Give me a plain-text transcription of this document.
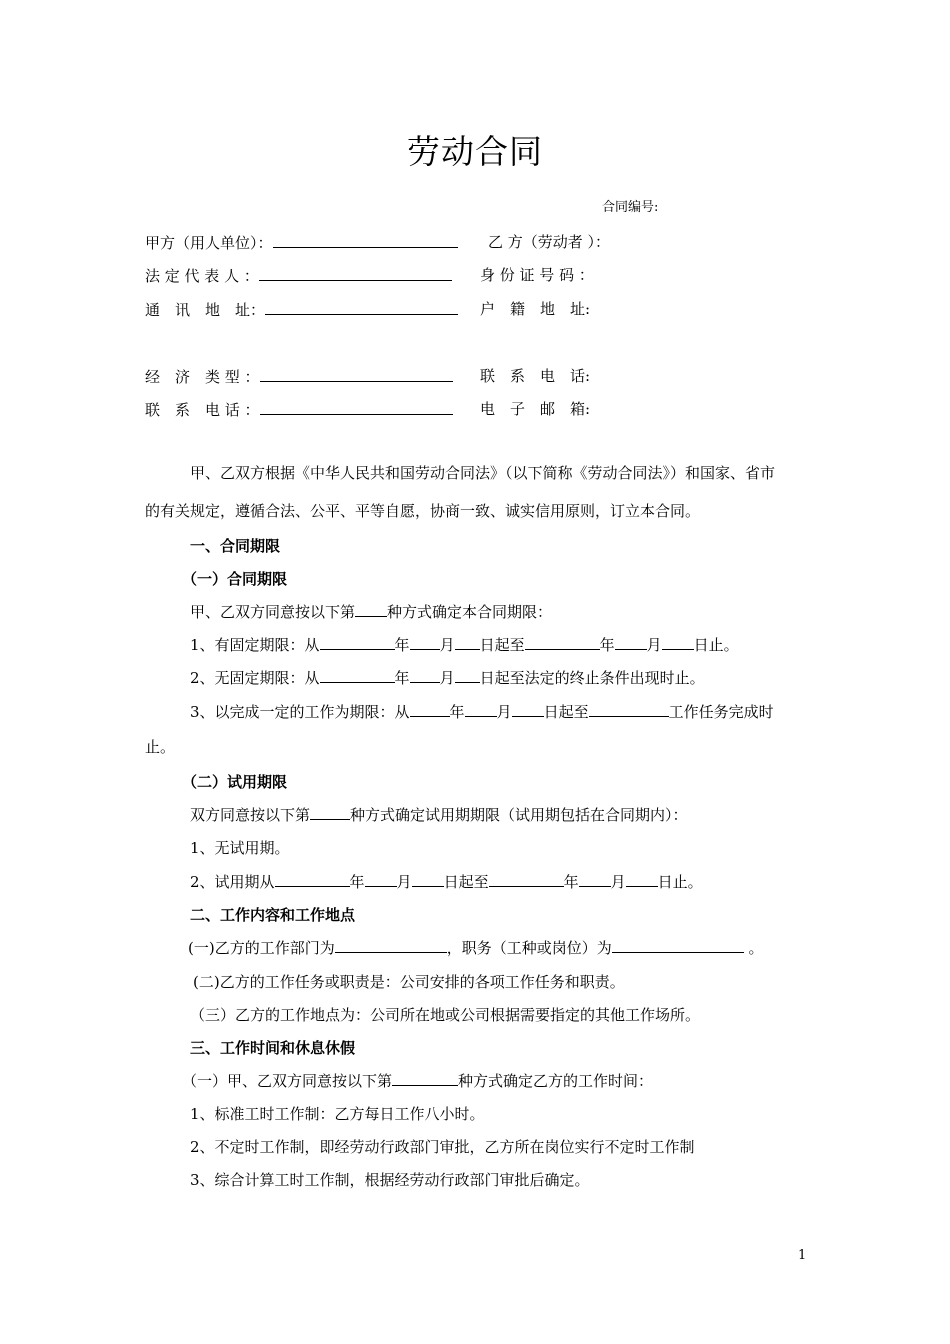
劳动合同
合同编号:
甲方（用人单位）：	乙 方（劳动者 ）：
法 定 代 表 人 ：	身 份 证 号 码 ：
通　讯　地　址：	户　籍　地　址:
经　济　类 型 ：	联　系　电　话:
联　系　电 话 ：	电　子　邮　箱:
甲、乙双方根据《中华人民共和国劳动合同法》（以下简称《劳动合同法》）和国家、省市
的有关规定，遵循合法、公平、平等自愿，协商一致、诚实信用原则，订立本合同。
一、合同期限
（一）合同期限
甲、乙双方同意按以下第 种方式确定本合同期限：
1、有固定期限：从	年 月 日起至	年 月 日止。
2、无固定期限：从	年 月 日起至法定的终止条件出现时止。
3、以完成一定的工作为期限：从	年 月 日起至	工作任务完成时
止。
（二）试用期限
双方同意按以下第	种方式确定试用期期限（试用期包括在合同期内）：
1、无试用期。
2、试用期从	年 月 日起至	年 月 日止。
二、工作内容和工作地点
(一)乙方的工作部门为	，职务（工种或岗位）为	。
(二)乙方的工作任务或职责是：公司安排的各项工作任务和职责。
（三）乙方的工作地点为：公司所在地或公司根据需要指定的其他工作场所。
三、工作时间和休息休假
（一）甲、乙双方同意按以下第	种方式确定乙方的工作时间：
1、标准工时工作制：乙方每日工作八小时。
2、不定时工作制，即经劳动行政部门审批，乙方所在岗位实行不定时工作制
3、综合计算工时工作制，根据经劳动行政部门审批后确定。
1
